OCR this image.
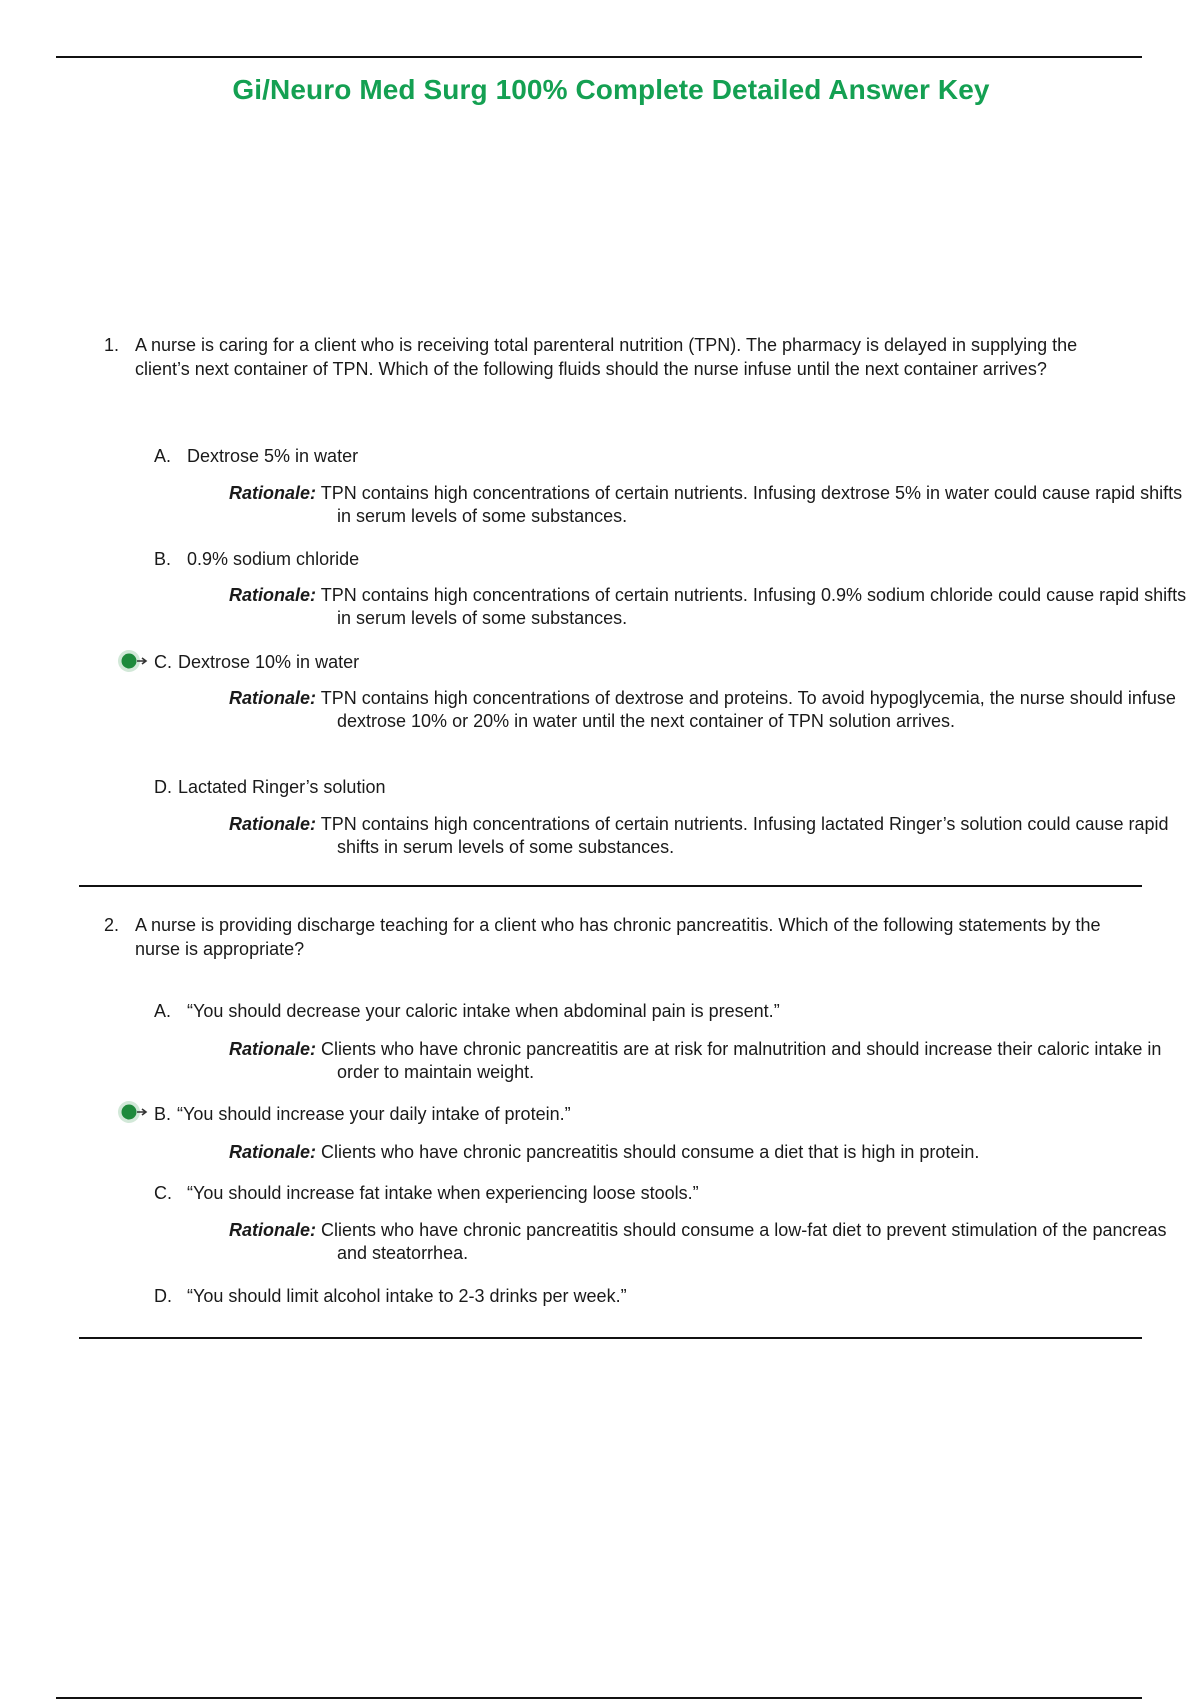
Gi/Neuro Med Surg 100% Complete Detailed Answer Key
1. A nurse is caring for a client who is receiving total parenteral nutrition (TPN). The pharmacy is delayed in supplying the client’s next container of TPN. Which of the following fluids should the nurse infuse until the next container arrives?
A. Dextrose 5% in water
Rationale: TPN contains high concentrations of certain nutrients. Infusing dextrose 5% in water could cause rapid shifts in serum levels of some substances.
B. 0.9% sodium chloride
Rationale: TPN contains high concentrations of certain nutrients. Infusing 0.9% sodium chloride could cause rapid shifts in serum levels of some substances.
C. Dextrose 10% in water
Rationale: TPN contains high concentrations of dextrose and proteins. To avoid hypoglycemia, the nurse should infuse dextrose 10% or 20% in water until the next container of TPN solution arrives.
D. Lactated Ringer’s solution
Rationale: TPN contains high concentrations of certain nutrients. Infusing lactated Ringer’s solution could cause rapid shifts in serum levels of some substances.
2. A nurse is providing discharge teaching for a client who has chronic pancreatitis. Which of the following statements by the nurse is appropriate?
A. “You should decrease your caloric intake when abdominal pain is present.”
Rationale: Clients who have chronic pancreatitis are at risk for malnutrition and should increase their caloric intake in order to maintain weight.
B. “You should increase your daily intake of protein.”
Rationale: Clients who have chronic pancreatitis should consume a diet that is high in protein.
C. “You should increase fat intake when experiencing loose stools.”
Rationale: Clients who have chronic pancreatitis should consume a low-fat diet to prevent stimulation of the pancreas and steatorrhea.
D. “You should limit alcohol intake to 2-3 drinks per week.”
